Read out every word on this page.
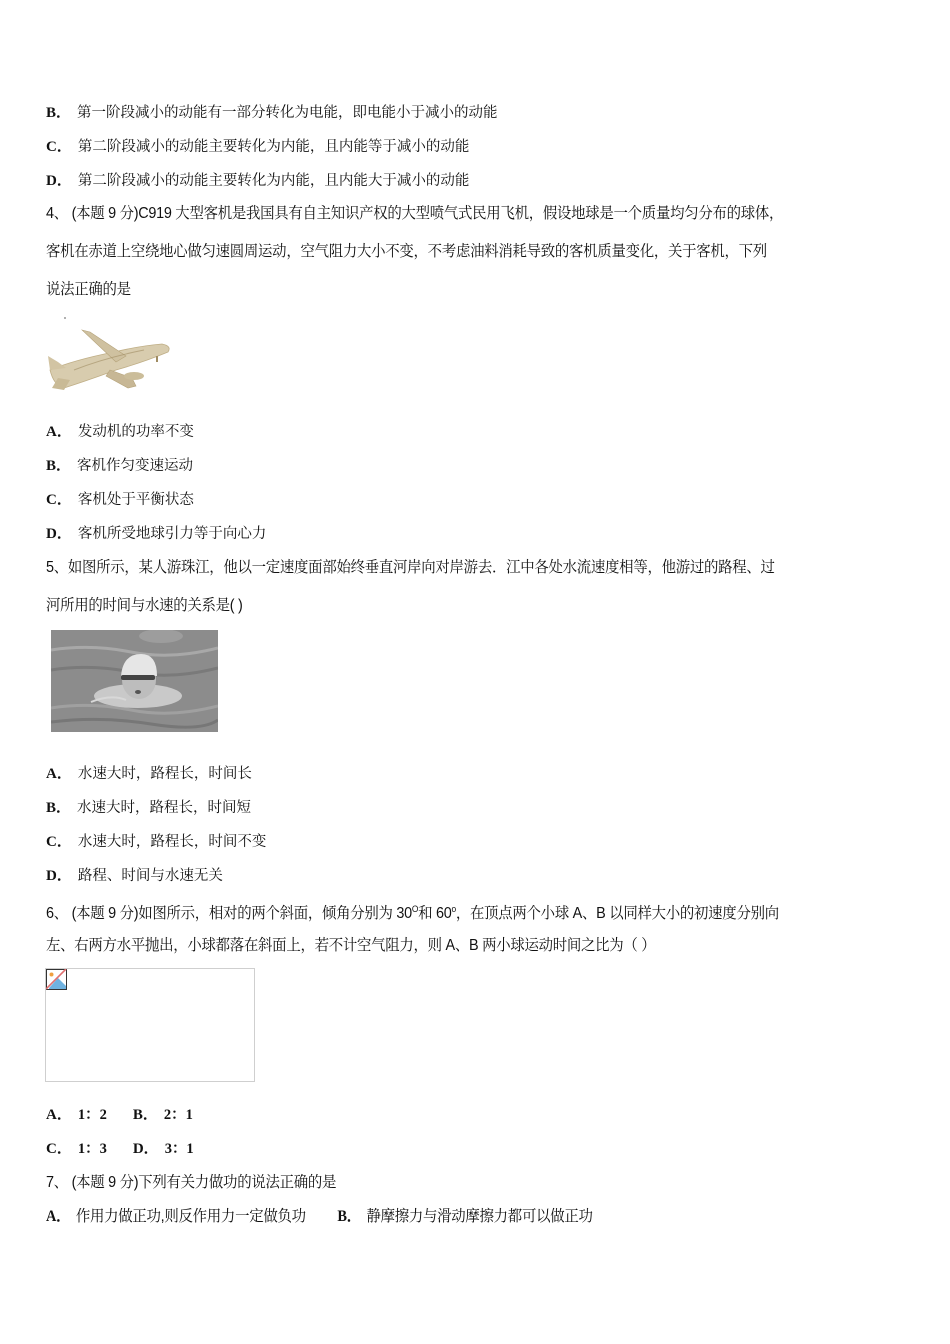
B． 第一阶段减小的动能有一部分转化为电能，即电能小于减小的动能
C． 第二阶段减小的动能主要转化为内能，且内能等于减小的动能
D． 第二阶段减小的动能主要转化为内能，且内能大于减小的动能
4、 (本题 9 分)C919 大型客机是我国具有自主知识产权的大型喷气式民用飞机，假设地球是一个质量均匀分布的球体，
客机在赤道上空绕地心做匀速圆周运动，空气阻力大小不变，不考虑油料消耗导致的客机质量变化，关于客机，下列
说法正确的是
A． 发动机的功率不变
B． 客机作匀变速运动
C． 客机处于平衡状态
D． 客机所受地球引力等于向心力
5、如图所示，某人游珠江，他以一定速度面部始终垂直河岸向对岸游去．江中各处水流速度相等，他游过的路程、过
河所用的时间与水速的关系是( )
A． 水速大时，路程长，时间长
B． 水速大时，路程长，时间短
C． 水速大时，路程长，时间不变
D． 路程、时间与水速无关
6、 (本题 9 分)如图所示，相对的两个斜面，倾角分别为 $30^O$和 60$^o$，在顶点两个小球 A、B 以同样大小的初速度分别向
左、右两方水平抛出，小球都落在斜面上，若不计空气阻力，则 A、B 两小球运动时间之比为（ ）
A． 1：2 B． 2：1
C． 1：3 D． 3：1
7、 (本题 9 分)下列有关力做功的说法正确的是
A． 作用力做正功,则反作用力一定做负功 B． 静摩擦力与滑动摩擦力都可以做正功
